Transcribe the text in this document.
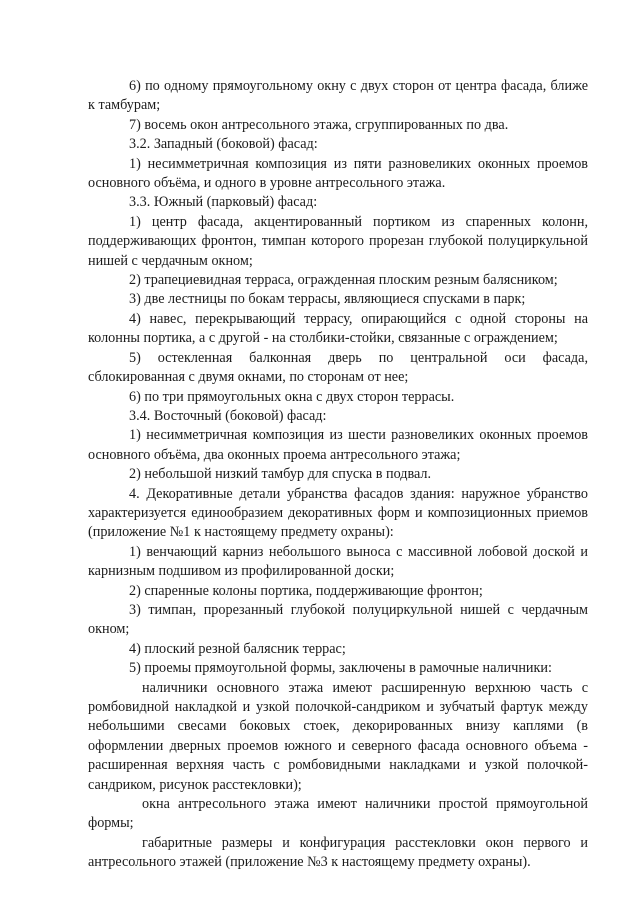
6) по одному прямоугольному окну с двух сторон от центра фасада, ближе к тамбурам;

7) восемь окон антресольного этажа, сгруппированных по два.

3.2. Западный (боковой) фасад:

1) несимметричная композиция из пяти разновеликих оконных проемов основного объёма, и одного в уровне антресольного этажа.

3.3. Южный (парковый) фасад:

1) центр фасада, акцентированный портиком из спаренных колонн, поддерживающих фронтон, тимпан которого прорезан глубокой полуциркульной нишей с чердачным окном;

2) трапециевидная терраса, огражденная плоским резным балясником;

3) две лестницы по бокам террасы, являющиеся спусками в парк;

4) навес, перекрывающий террасу, опирающийся с одной стороны на колонны портика, а с другой - на столбики-стойки, связанные с ограждением;

5) остекленная балконная дверь по центральной оси фасада, сблокированная с двумя окнами, по сторонам от нее;

6) по три прямоугольных окна с двух сторон террасы.

3.4. Восточный (боковой) фасад:

1) несимметричная композиция из шести разновеликих оконных проемов основного объёма, два оконных проема антресольного этажа;

2) небольшой низкий тамбур для спуска в подвал.

4. Декоративные детали убранства фасадов здания: наружное убранство характеризуется единообразием декоративных форм и композиционных приемов (приложение №1 к настоящему предмету охраны):

1) венчающий карниз небольшого выноса с массивной лобовой доской и карнизным подшивом из профилированной доски;

2) спаренные колоны портика, поддерживающие фронтон;

3) тимпан, прорезанный глубокой полуциркульной нишей с чердачным окном;

4) плоский резной балясник террас;

5) проемы прямоугольной формы, заключены в рамочные наличники:

наличники основного этажа имеют расширенную верхнюю часть с ромбовидной накладкой и узкой полочкой-сандриком и зубчатый фартук между небольшими свесами боковых стоек, декорированных внизу каплями (в оформлении дверных проемов южного и северного фасада основного объема - расширенная верхняя часть с ромбовидными накладками и узкой полочкой-сандриком, рисунок расстекловки);

окна антресольного этажа имеют наличники простой прямоугольной формы;

габаритные размеры и конфигурация расстекловки окон первого и антресольного этажей (приложение №3 к настоящему предмету охраны).
